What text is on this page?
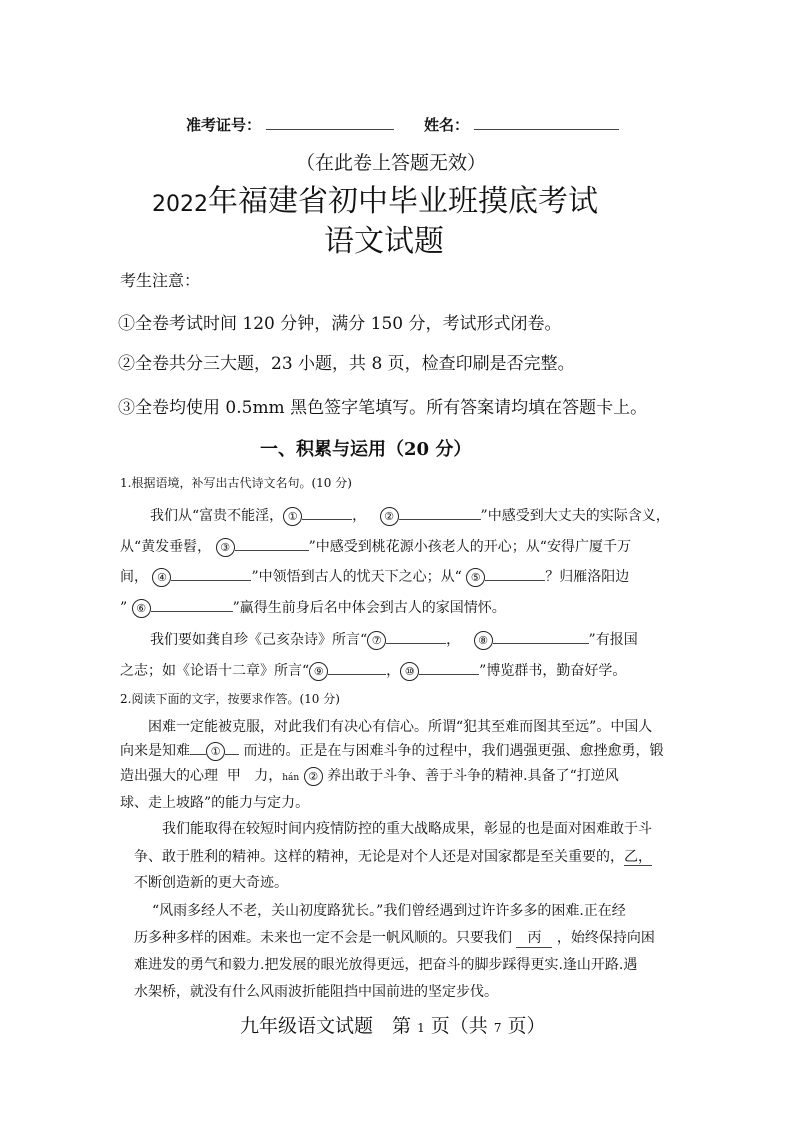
准考证号：	姓名：
（在此卷上答题无效）
2022年福建省初中毕业班摸底考试
语文试题
考生注意：
①全卷考试时间 120 分钟，满分 150 分，考试形式闭卷。
②全卷共分三大题，23 小题，共 8 页，检查印刷是否完整。
③全卷均使用 0.5mm 黑色签字笔填写。所有答案请均填在答题卡上。
一、积累与运用（20 分）
1.根据语境，补写出古代诗文名句。(10 分)
我们从“富贵不能淫， ①	， ②	”中感受到大丈夫的实际含义，
从“黄发垂髫， ③	”中感受到桃花源小孩老人的开心；从“安得广厦千万
间， ④	”中领悟到古人的忧天下之心；从“ ⑤	？归雁洛阳边
” ⑥	”赢得生前身后名中体会到古人的家国情怀。
我们要如龚自珍《己亥杂诗》所言“ ⑦	， ⑧	”有报国
之志；如《论语十二章》所言“ ⑨	， ⑩	”博览群书，勤奋好学。
2.阅读下面的文字，按要求作答。(10 分)
困难一定能被克服，对此我们有决心有信心。所谓“犯其至难而图其至远”。中国人
向来是知难 ① 而进的。正是在与困难斗争的过程中，我们遇强更强、愈挫愈勇，锻
造出强大的心理 甲 力，hán ② 养出敢于斗争、善于斗争的精神.具备了“打逆风
球、走上坡路”的能力与定力。
我们能取得在较短时间内疫情防控的重大战略成果，彰显的也是面对困难敢于斗
争、敢于胜利的精神。这样的精神，无论是对个人还是对国家都是至关重要的，乙，
不断创造新的更大奇迹。
“风雨多经人不老，关山初度路犹长。”我们曾经遇到过许许多多的困难.正在经
历多种多样的困难。未来也一定不会是一帆风顺的。只要我们 丙 ，始终保持向困
难进发的勇气和毅力.把发展的眼光放得更远，把奋斗的脚步踩得更实.逢山开路.遇
水架桥，就没有什么风雨波折能阻挡中国前进的坚定步伐。
九年级语文试题　第 1 页（共 7 页）
